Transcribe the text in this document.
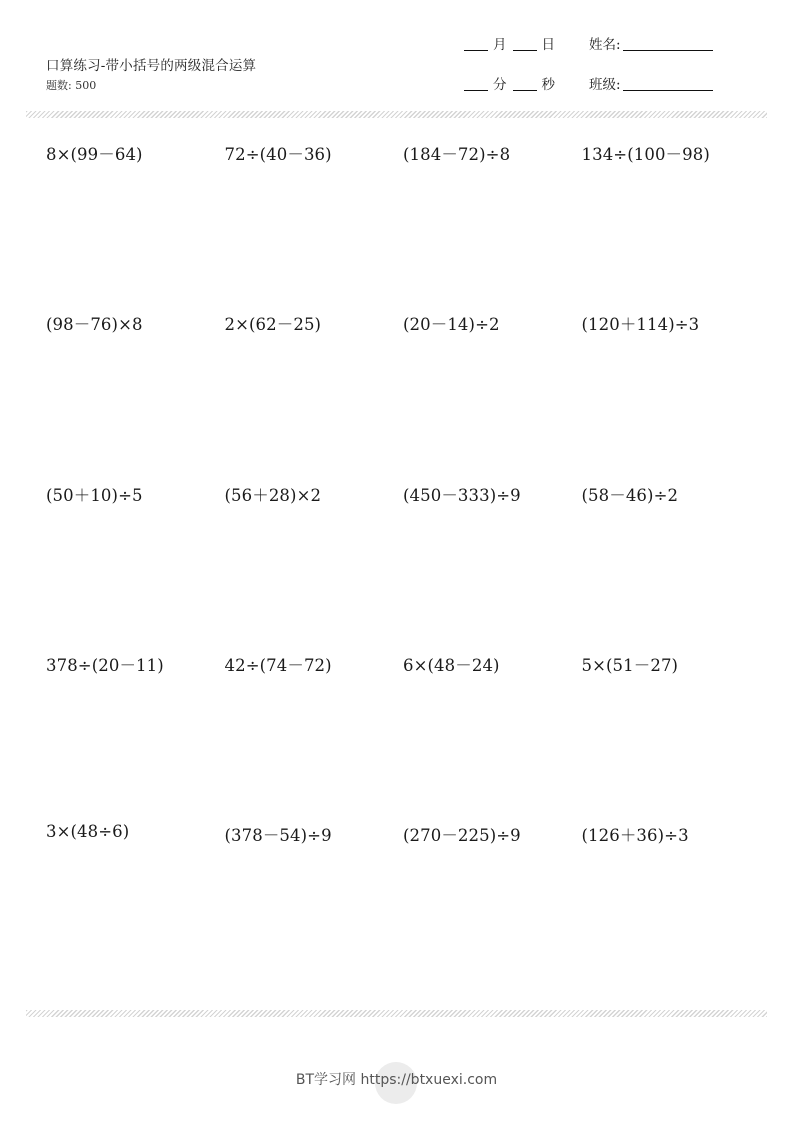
口算练习-带小括号的两级混合运算
题数: 500
月	日	姓名:
分	秒	班级:
8×(99－64)	72÷(40－36)	(184－72)÷8	134÷(100－98)
(98－76)×8	2×(62－25)	(20－14)÷2	(120＋114)÷3
(50＋10)÷5	(56＋28)×2	(450－333)÷9	(58－46)÷2
378÷(20－11)	42÷(74－72)	6×(48－24)	5×(51－27)
3×(48÷6)	(378－54)÷9	(270－225)÷9	(126＋36)÷3
BT学习网 https://btxuexi.com
